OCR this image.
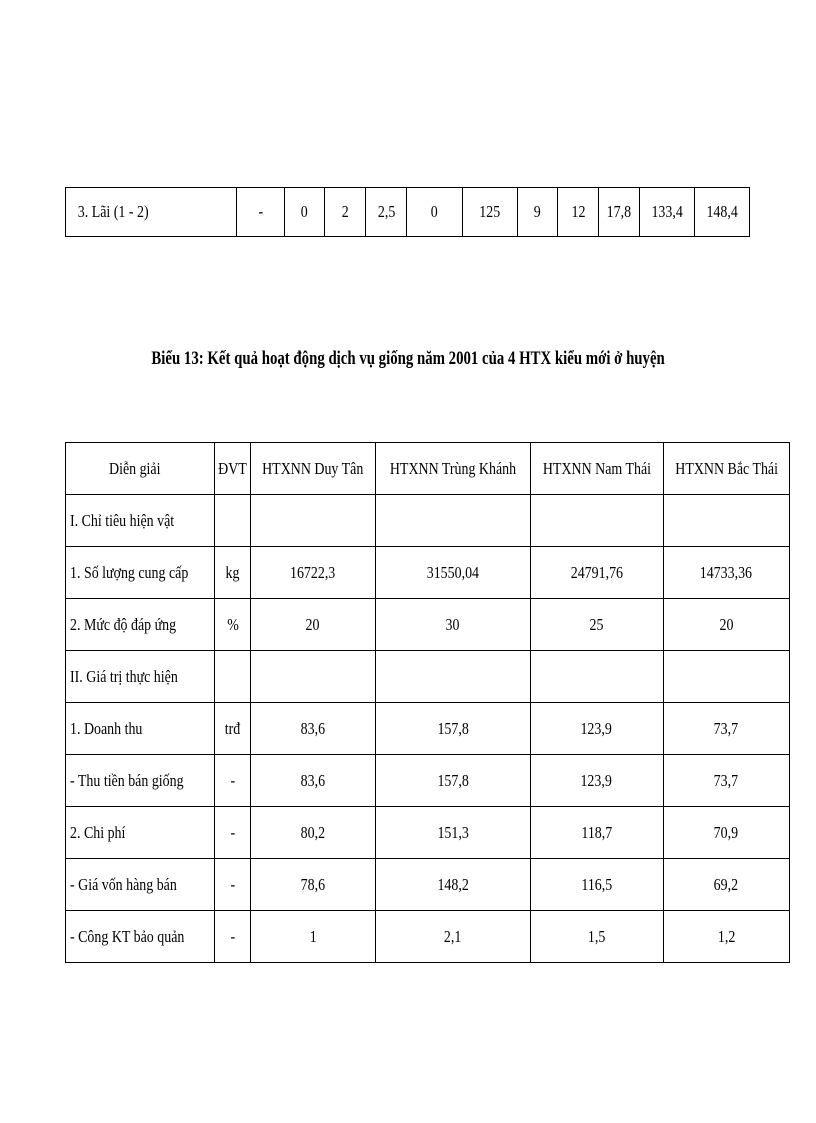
3. Lãi (1 - 2)	-	0	2	2,5	0	125	9	12	17,8	133,4	148,4
Biểu 13: Kết quả hoạt động dịch vụ giống năm 2001 của 4 HTX kiểu mới ở huyện
Diễn giải	ĐVT	HTXNN Duy Tân	HTXNN Trùng Khánh	HTXNN Nam Thái	HTXNN Bắc Thái
I. Chỉ tiêu hiện vật					
1. Số lượng cung cấp	kg	16722,3	31550,04	24791,76	14733,36
2. Mức độ đáp ứng	%	20	30	25	20
II. Giá trị thực hiện					
1. Doanh thu	trđ	83,6	157,8	123,9	73,7
- Thu tiền bán giống	-	83,6	157,8	123,9	73,7
2. Chi phí	-	80,2	151,3	118,7	70,9
- Giá vốn hàng bán	-	78,6	148,2	116,5	69,2
- Công KT bảo quản	-	1	2,1	1,5	1,2
